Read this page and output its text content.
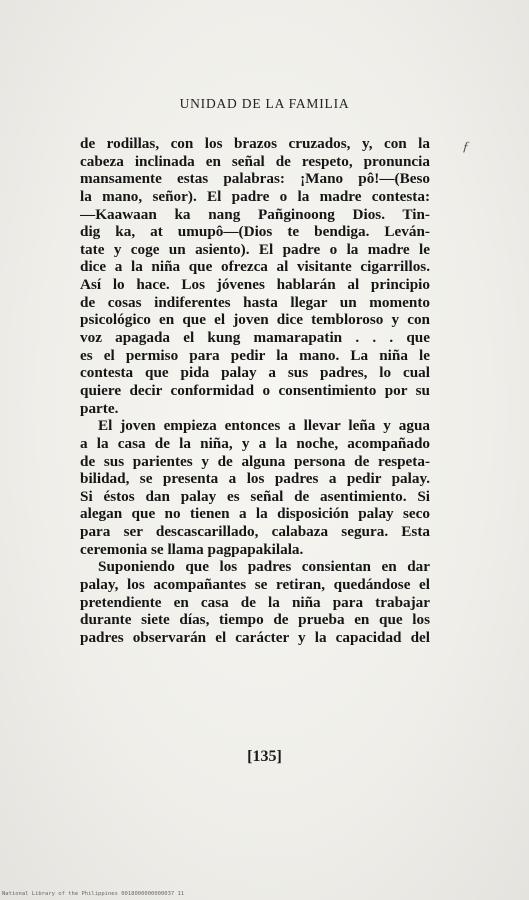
UNIDAD DE LA FAMILIA
ƒ
de rodillas, con los brazos cruzados, y, con la
cabeza inclinada en señal de respeto, pronuncia
mansamente estas palabras: ¡Mano pô!—(Beso
la mano, señor). El padre o la madre contesta:
—Kaawaan ka nang Pañginoong Dios. Tin-
dig ka, at umupô—(Dios te bendiga. Leván-
tate y coge un asiento). El padre o la madre le
dice a la niña que ofrezca al visitante cigarrillos.
Así lo hace. Los jóvenes hablarán al principio
de cosas indiferentes hasta llegar un momento
psicológico en que el joven dice tembloroso y con
voz apagada el kung mamarapatin . . . que
es el permiso para pedir la mano. La niña le
contesta que pida palay a sus padres, lo cual
quiere decir conformidad o consentimiento por su
parte.
El joven empieza entonces a llevar leña y agua
a la casa de la niña, y a la noche, acompañado
de sus parientes y de alguna persona de respeta-
bilidad, se presenta a los padres a pedir palay.
Si éstos dan palay es señal de asentimiento. Si
alegan que no tienen a la disposición palay seco
para ser descascarillado, calabaza segura. Esta
ceremonia se llama pagpapakilala.
Suponiendo que los padres consientan en dar
palay, los acompañantes se retiran, quedándose el
pretendiente en casa de la niña para trabajar
durante siete días, tiempo de prueba en que los
padres observarán el carácter y la capacidad del
[135]
National Library of the Philippines 0018000000000037 11
